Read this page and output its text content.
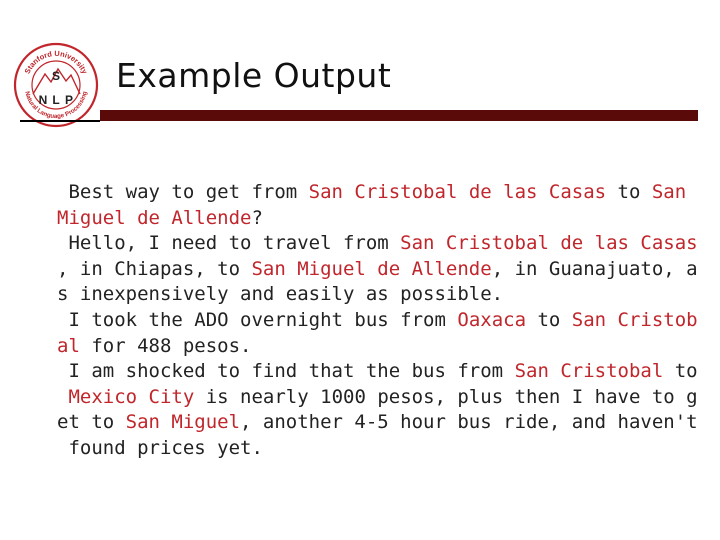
Stanford University
Natural Language Processing
S
N L P
Example Output
Best way to get from San Cristobal de las Casas to San
Miguel de Allende?
Hello, I need to travel from San Cristobal de las Casas
, in Chiapas, to San Miguel de Allende, in Guanajuato, a
s inexpensively and easily as possible.
I took the ADO overnight bus from Oaxaca to San Cristob
al for 488 pesos.
I am shocked to find that the bus from San Cristobal to
Mexico City is nearly 1000 pesos, plus then I have to g
et to San Miguel, another 4-5 hour bus ride, and haven't
found prices yet.
